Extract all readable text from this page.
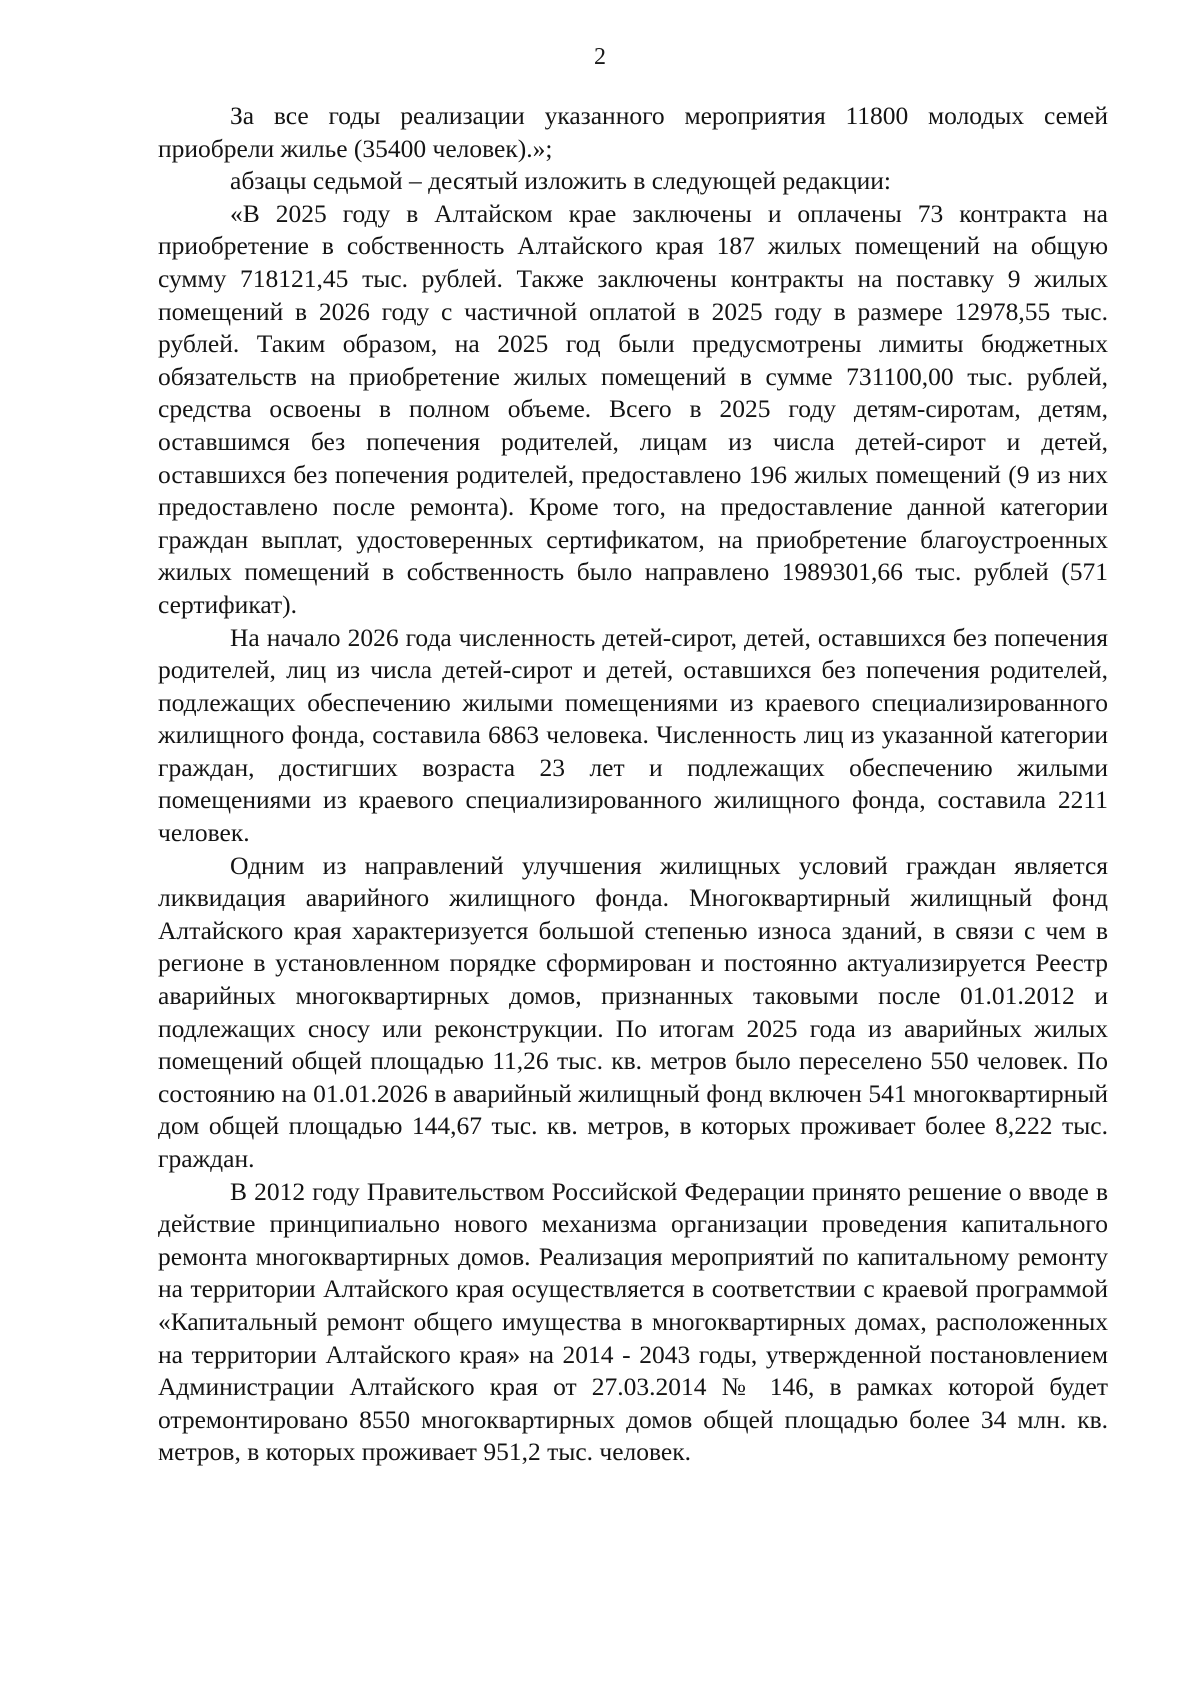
2

За все годы реализации указанного мероприятия 11800 молодых семей приобрели жилье (35400 человек).»;

абзацы седьмой – десятый изложить в следующей редакции:

«В 2025 году в Алтайском крае заключены и оплачены 73 контракта на приобретение в собственность Алтайского края 187 жилых помещений на общую сумму 718121,45 тыс. рублей. Также заключены контракты на поставку 9 жилых помещений в 2026 году с частичной оплатой в 2025 году в размере 12978,55 тыс. рублей. Таким образом, на 2025 год были предусмотрены лимиты бюджетных обязательств на приобретение жилых помещений в сумме 731100,00 тыс. рублей, средства освоены в полном объеме. Всего в 2025 году детям-сиротам, детям, оставшимся без попечения родителей, лицам из числа детей-сирот и детей, оставшихся без попечения родителей, предоставлено 196 жилых помещений (9 из них предоставлено после ремонта). Кроме того, на предоставление данной категории граждан выплат, удостоверенных сертификатом, на приобретение благоустроенных жилых помещений в собственность было направлено 1989301,66 тыс. рублей (571 сертификат).

На начало 2026 года численность детей-сирот, детей, оставшихся без попечения родителей, лиц из числа детей-сирот и детей, оставшихся без попечения родителей, подлежащих обеспечению жилыми помещениями из краевого специализированного жилищного фонда, составила 6863 человека. Численность лиц из указанной категории граждан, достигших возраста 23 лет и подлежащих обеспечению жилыми помещениями из краевого специализированного жилищного фонда, составила 2211 человек.

Одним из направлений улучшения жилищных условий граждан является ликвидация аварийного жилищного фонда. Многоквартирный жилищный фонд Алтайского края характеризуется большой степенью износа зданий, в связи с чем в регионе в установленном порядке сформирован и постоянно актуализируется Реестр аварийных многоквартирных домов, признанных таковыми после 01.01.2012 и подлежащих сносу или реконструкции. По итогам 2025 года из аварийных жилых помещений общей площадью 11,26 тыс. кв. метров было переселено 550 человек. По состоянию на 01.01.2026 в аварийный жилищный фонд включен 541 многоквартирный дом общей площадью 144,67 тыс. кв. метров, в которых проживает более 8,222 тыс. граждан.

В 2012 году Правительством Российской Федерации принято решение о вводе в действие принципиально нового механизма организации проведения капитального ремонта многоквартирных домов. Реализация мероприятий по капитальному ремонту на территории Алтайского края осуществляется в соответствии с краевой программой «Капитальный ремонт общего имущества в многоквартирных домах, расположенных на территории Алтайского края» на 2014 - 2043 годы, утвержденной постановлением Администрации Алтайского края от 27.03.2014 № 146, в рамках которой будет отремонтировано 8550 многоквартирных домов общей площадью более 34 млн. кв. метров, в которых проживает 951,2 тыс. человек.
